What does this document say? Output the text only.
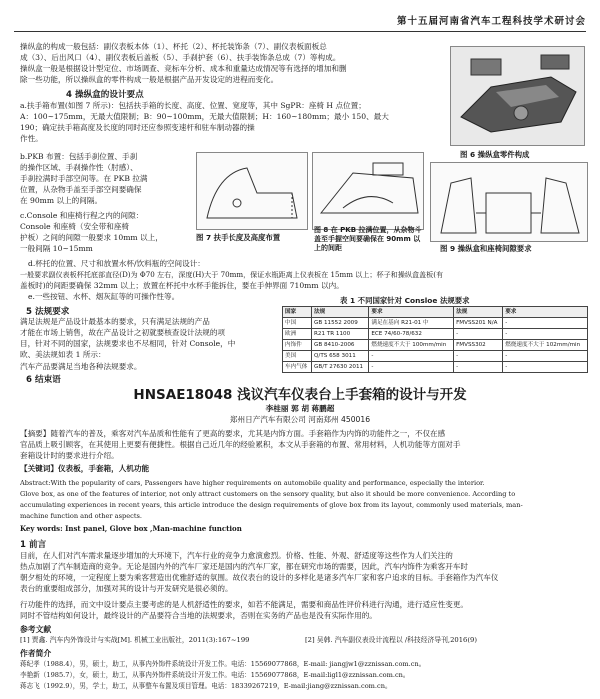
第十五届河南省汽车工程科技学术研讨会
操纵盒的构成一般包括：副仪表板本体（1）、杯托（2）、杯托装饰条（7）、副仪表板面板总
成（3）、后出风口（4）、副仪表板后盖板（5）、手刹护套（6）、扶手装饰条总成（7）等构成。
操纵盒一般是根据设计型定位、市场调查、竞标车分析、成本和重量达成情况等有选择的增加和删
除一些功能，所以操纵盒的零件构成一般是根据产品开发设定的进程而变化。
图 6 操纵盒零件构成
4 操纵盒的设计要点
a.扶手箱布置(如图 7 所示)：包括扶手箱的长度、高度、位置、宽度等，其中 SgPR：座椅 H 点位置；
A：100~175mm，无最大值限制；B：90~100mm，无最大值限制；H：160~180mm；最小 150、最大
190；确定扶手箱高度及长度的同时还应参照变速杆和驻车制动器的操
作性。
b.PKB 布置：包括手刹位置、手刹
的操作区域、手刹操作性（肘感）、
手刹拉满时手部空间等。在 PKB 拉满
位置，从杂物手盖至手部空间要确保
在 90mm 以上的间隔。
c.Console 和座椅行程之内的间隙：
Console 和座椅（安全带和座椅
护板）之间的间隙一般要求 10mm 以上，
一般间隔 10~15mm
图 7 扶手长度及高度布置
图 8 在 PKB 拉满位置，从杂物斗盖至手握空间要确保在 90mm 以上的间距	图 9 操纵盒和座椅间隙要求
d.杯托的位置、尺寸和放置水杯/饮料瓶的空间设计：
一般要求副仪表板杯托底部直径(D)为 Φ70 左右，深度(H)大于 70mm，保证水瓶距离上仪表板在 15mm 以上；杯子和操纵盒盖板(有
盖板时)的间距要确保 32mm 以上；放置在杯托中水杯手能拆住，要在手伸界面 710mm 以内。
e.一些按钮、水杯、烟灰缸等的可操作性等。
5 法规要求
满足法规是产品设计最基本的要求，只有满足法规的产品
才能在市场上销售，故在产品设计之初就要核查设计法规的项
目，针对不同的国家，法规要求也不尽相同，针对 Console，中
欧、美法规如表 1 所示：
汽车产品要满足当地各种法规要求。
表 1 不同国家针对 Consloe 法规要求
国家	法规	要求	法规	要求
中国	GB 11552 2009	满足在基向 R21-01 中	FMVSS201 N/A	-
欧洲	R21 TR 1100	ECE 74/60-78/632	-	-
内饰件	GB 8410-2006	燃烧速度不大于 100mm/min	FMVSS302	燃烧速度不大于 102mm/min
美国	Q/TS 658 3011	-	-	-
车内气体	GB/T 27630 2011	-	-	-
6 结束语
HNSAE18048 浅议汽车仪表台上手套箱的设计与开发
李桂丽 郭 胡 蒋鹏超
郑州日产汽车有限公司 河南郑州 450016
【摘要】随着汽车的普及，乘客对汽车品质和性能有了更高的要求，尤其是内饰方面。手套箱作为内饰的功能件之一，不仅在感
官品质上吸引顾客，在其使用上更要有便捷性。根据自己近几年的经验累积，本文从手套箱的布置、常用材料，人机功能等方面对手
套箱设计时的要求进行介绍。
【关键词】仪表板，手套箱，人机功能
Abstract:With the popularity of cars, Passengers have higher requirements on automobile quality and performance, especially the interior.
Glove box, as one of the features of interior, not only attract customers on the sensory quality, but also it should be more convenience. According to
accumulating experiences in recent years, this article introduce the design requirements of glove box from its layout, commonly used materials, man-
machine function and other aspects.
Key words: Inst panel, Glove box ,Man-machine function
1 前言
目前，在人们对汽车需求量逐步增加的大环境下，汽车行业的竞争力愈演愈烈。价格、性能、外观、舒适度等这些作为人们关注的
热点加剧了汽车制造商的竞争。无论是国内外的汽车厂家还是国内的汽车厂家，都在研究市场的需要，因此，汽车内饰件为乘客开车时
朝夕相处的环境，一定程度上要为乘客营造出优雅舒适的氛围。故仪表台的设计的多样化是诸多汽车厂家和客户追求的目标。手套箱作为汽车仪
表台的重要组成部分，加强对其的设计与开发研究是很必须的。
行功能件的选择，而文中设计要点主要考虑的是人机舒适性的要求，如若不能满足，需要和商品性评价科进行沟通，进行适应性变更。
同时不管结构如何设计，最终设计的产品要符合当地的法规要求，否则在实务的产品也是没有实际作用的。
参考文献
[1] 贾鑫. 汽车内外饰设计与实战[M]. 机械工业出版社，2011(3):167~199	[2] 吴韩. 汽车副仪表设计流程以 /科技经济导刊,2016(9)
作者简介
蒋纪孝（1988.4），男，硕士，助工，从事内外饰件系统设计开发工作。电话：15569077868，E-mail: jiangjw1@zznissan.com.cn。
李艳新（1985.7），女，硕士，助工，从事内外饰件系统设计开发工作。电话：15569077868，E-mail:ligl1@zznissan.com.cn。
蒋志飞（1992.9），男，学士，助工，从事整车布置及项目管理。电话：18339267219，E-mail:jiang@zznissan.com.cn。
